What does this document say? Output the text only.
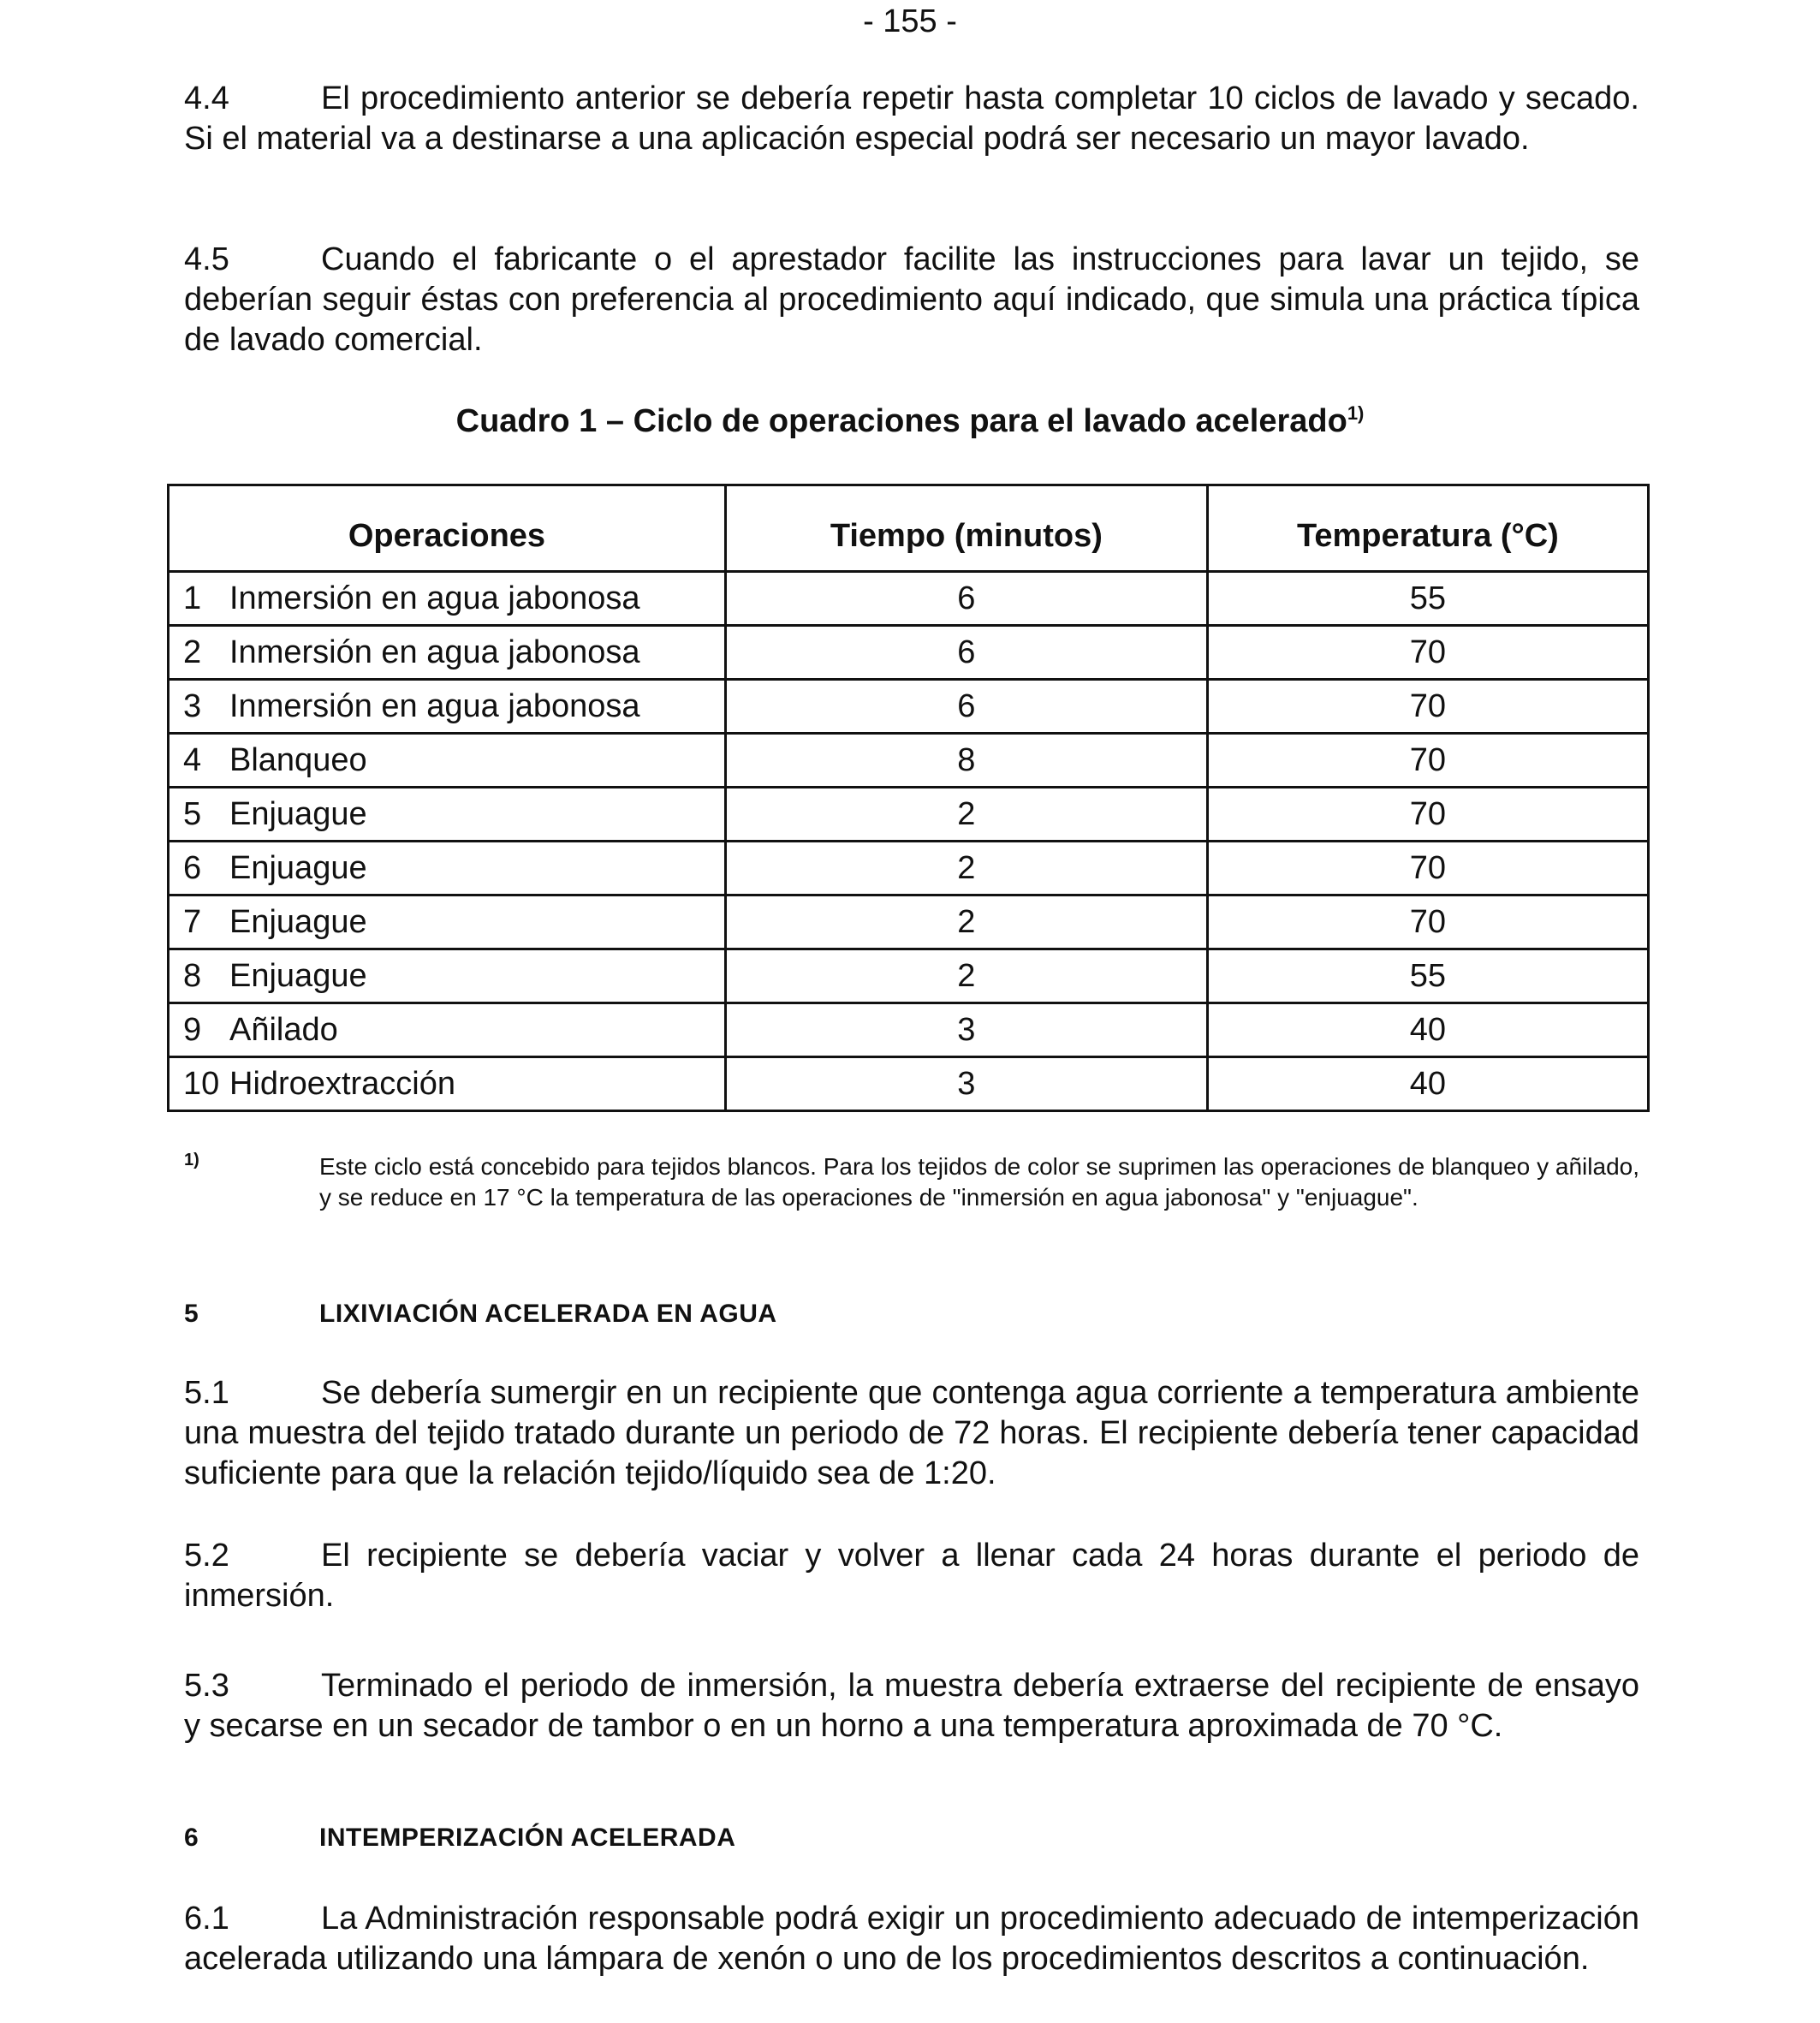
- 155 -

4.4	El procedimiento anterior se debería repetir hasta completar 10 ciclos de lavado y secado. Si el material va a destinarse a una aplicación especial podrá ser necesario un mayor lavado.

4.5	Cuando el fabricante o el aprestador facilite las instrucciones para lavar un tejido, se deberían seguir éstas con preferencia al procedimiento aquí indicado, que simula una práctica típica de lavado comercial.

Cuadro 1 – Ciclo de operaciones para el lavado acelerado$^{1)}$
Operaciones	Tiempo (minutos)	Temperatura (°C)
1 Inmersión en agua jabonosa	6	55
2 Inmersión en agua jabonosa	6	70
3 Inmersión en agua jabonosa	6	70
4 Blanqueo	8	70
5 Enjuague	2	70
6 Enjuague	2	70
7 Enjuague	2	70
8 Enjuague	2	55
9 Añilado	3	40
10 Hidroextracción	3	40
1)	Este ciclo está concebido para tejidos blancos. Para los tejidos de color se suprimen las operaciones de blanqueo y añilado, y se reduce en 17 °C la temperatura de las operaciones de "inmersión en agua jabonosa" y "enjuague".
5	LIXIVIACIÓN ACELERADA EN AGUA

5.1	Se debería sumergir en un recipiente que contenga agua corriente a temperatura ambiente una muestra del tejido tratado durante un periodo de 72 horas. El recipiente debería tener capacidad suficiente para que la relación tejido/líquido sea de 1:20.

5.2	El recipiente se debería vaciar y volver a llenar cada 24 horas durante el periodo de inmersión.

5.3	Terminado el periodo de inmersión, la muestra debería extraerse del recipiente de ensayo y secarse en un secador de tambor o en un horno a una temperatura aproximada de 70 °C.

6	INTEMPERIZACIÓN ACELERADA

6.1	La Administración responsable podrá exigir un procedimiento adecuado de intemperización acelerada utilizando una lámpara de xenón o uno de los procedimientos descritos a continuación.
